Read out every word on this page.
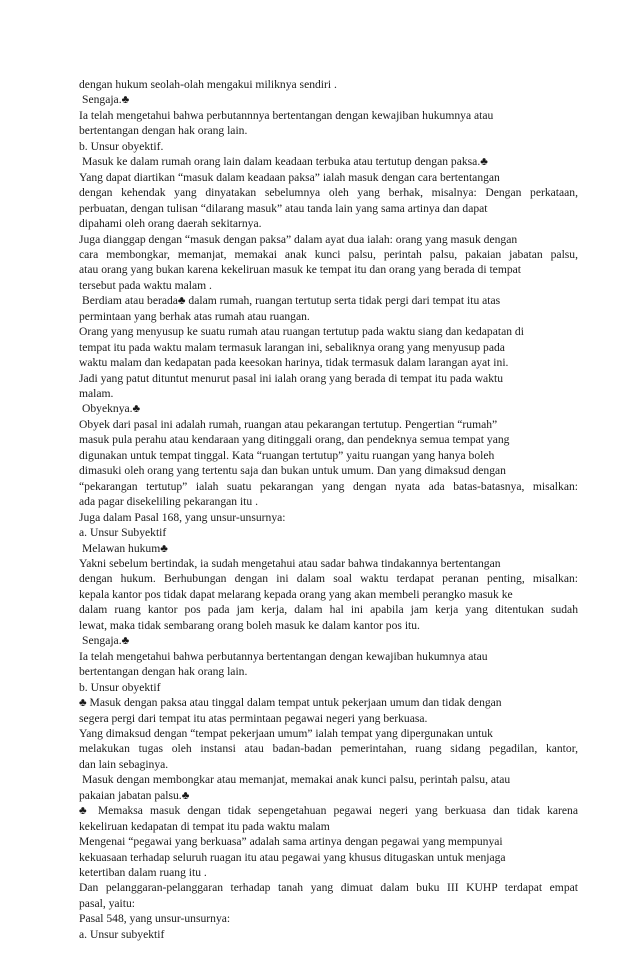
dengan hukum seolah-olah mengakui miliknya sendiri .
Sengaja.♣
Ia telah mengetahui bahwa perbutannnya bertentangan dengan kewajiban hukumnya atau
bertentangan dengan hak orang lain.
b. Unsur obyektif.
Masuk ke dalam rumah orang lain dalam keadaan terbuka atau tertutup dengan paksa.♣
Yang dapat diartikan “masuk dalam keadaan paksa” ialah masuk dengan cara bertentangan
dengan kehendak yang dinyatakan sebelumnya oleh yang berhak, misalnya: Dengan perkataan,
perbuatan, dengan tulisan “dilarang masuk” atau tanda lain yang sama artinya dan dapat
dipahami oleh orang daerah sekitarnya.
Juga dianggap dengan “masuk dengan paksa” dalam ayat dua ialah: orang yang masuk dengan
cara membongkar, memanjat, memakai anak kunci palsu, perintah palsu, pakaian jabatan palsu,
atau orang yang bukan karena kekeliruan masuk ke tempat itu dan orang yang berada di tempat
tersebut pada waktu malam .
Berdiam atau berada♣ dalam rumah, ruangan tertutup serta tidak pergi dari tempat itu atas
permintaan yang berhak atas rumah atau ruangan.
Orang yang menyusup ke suatu rumah atau ruangan tertutup pada waktu siang dan kedapatan di
tempat itu pada waktu malam termasuk larangan ini, sebaliknya orang yang menyusup pada
waktu malam dan kedapatan pada keesokan harinya, tidak termasuk dalam larangan ayat ini.
Jadi yang patut dituntut menurut pasal ini ialah orang yang berada di tempat itu pada waktu
malam.
Obyeknya.♣
Obyek dari pasal ini adalah rumah, ruangan atau pekarangan tertutup. Pengertian “rumah”
masuk pula perahu atau kendaraan yang ditinggali orang, dan pendeknya semua tempat yang
digunakan untuk tempat tinggal. Kata “ruangan tertutup” yaitu ruangan yang hanya boleh
dimasuki oleh orang yang tertentu saja dan bukan untuk umum. Dan yang dimaksud dengan
“pekarangan tertutup” ialah suatu pekarangan yang dengan nyata ada batas-batasnya, misalkan:
ada pagar disekeliling pekarangan itu .
Juga dalam Pasal 168, yang unsur-unsurnya:
a. Unsur Subyektif
Melawan hukum♣
Yakni sebelum bertindak, ia sudah mengetahui atau sadar bahwa tindakannya bertentangan
dengan hukum. Berhubungan dengan ini dalam soal waktu terdapat peranan penting, misalkan:
kepala kantor pos tidak dapat melarang kepada orang yang akan membeli perangko masuk ke
dalam ruang kantor pos pada jam kerja, dalam hal ini apabila jam kerja yang ditentukan sudah
lewat, maka tidak sembarang orang boleh masuk ke dalam kantor pos itu.
Sengaja.♣
Ia telah mengetahui bahwa perbutannya bertentangan dengan kewajiban hukumnya atau
bertentangan dengan hak orang lain.
b. Unsur obyektif
♣ Masuk dengan paksa atau tinggal dalam tempat untuk pekerjaan umum dan tidak dengan
segera pergi dari tempat itu atas permintaan pegawai negeri yang berkuasa.
Yang dimaksud dengan “tempat pekerjaan umum” ialah tempat yang dipergunakan untuk
melakukan tugas oleh instansi atau badan-badan pemerintahan, ruang sidang pegadilan, kantor,
dan lain sebaginya.
Masuk dengan membongkar atau memanjat, memakai anak kunci palsu, perintah palsu, atau
pakaian jabatan palsu.♣
♣ Memaksa masuk dengan tidak sepengetahuan pegawai negeri yang berkuasa dan tidak karena
kekeliruan kedapatan di tempat itu pada waktu malam
Mengenai “pegawai yang berkuasa” adalah sama artinya dengan pegawai yang mempunyai
kekuasaan terhadap seluruh ruagan itu atau pegawai yang khusus ditugaskan untuk menjaga
ketertiban dalam ruang itu .
Dan pelanggaran-pelanggaran terhadap tanah yang dimuat dalam buku III KUHP terdapat empat
pasal, yaitu:
Pasal 548, yang unsur-unsurnya:
a. Unsur subyektif
